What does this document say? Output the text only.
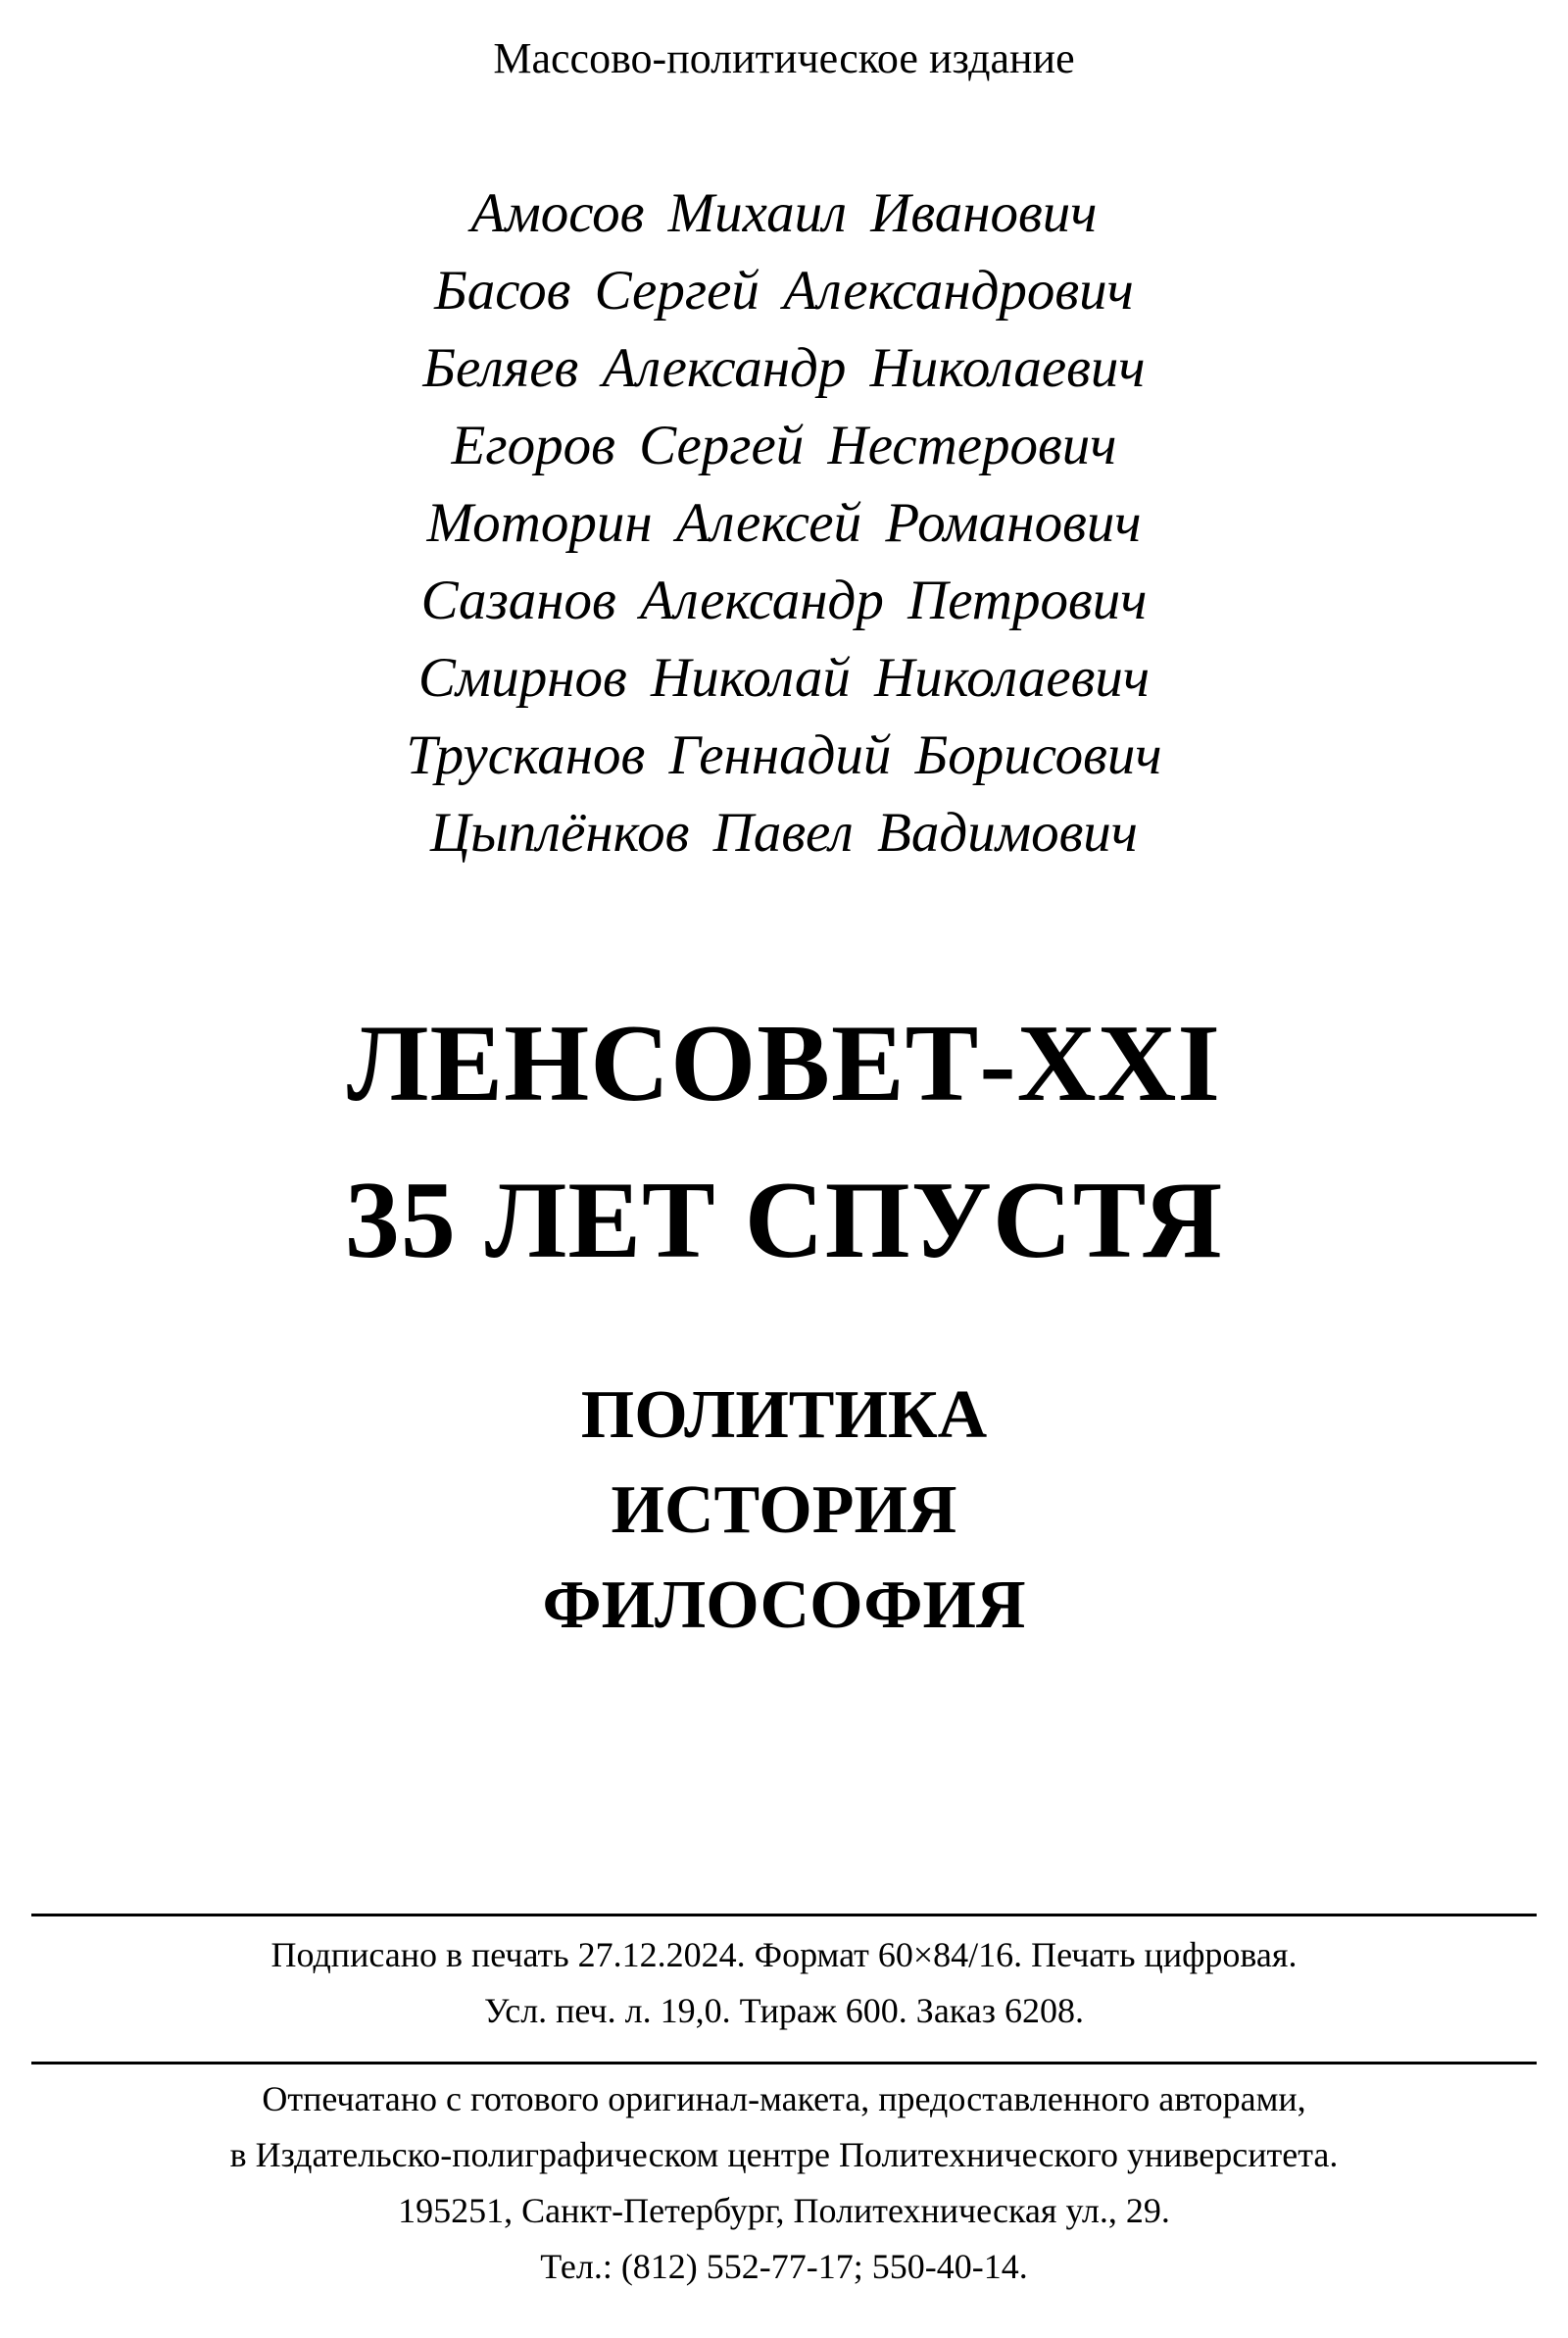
Массово-политическое издание
Амосов Михаил Иванович
Басов Сергей Александрович
Беляев Александр Николаевич
Егоров Сергей Нестерович
Моторин Алексей Романович
Сазанов Александр Петрович
Смирнов Николай Николаевич
Трусканов Геннадий Борисович
Цыплёнков Павел Вадимович
ЛЕНСОВЕТ-XXI
35 ЛЕТ СПУСТЯ
ПОЛИТИКА
ИСТОРИЯ
ФИЛОСОФИЯ
Подписано в печать 27.12.2024. Формат 60×84/16. Печать цифровая.
Усл. печ. л. 19,0. Тираж 600. Заказ 6208.
Отпечатано с готового оригинал-макета, предоставленного авторами,
в Издательско-полиграфическом центре Политехнического университета.
195251, Санкт-Петербург, Политехническая ул., 29.
Тел.: (812) 552-77-17; 550-40-14.
